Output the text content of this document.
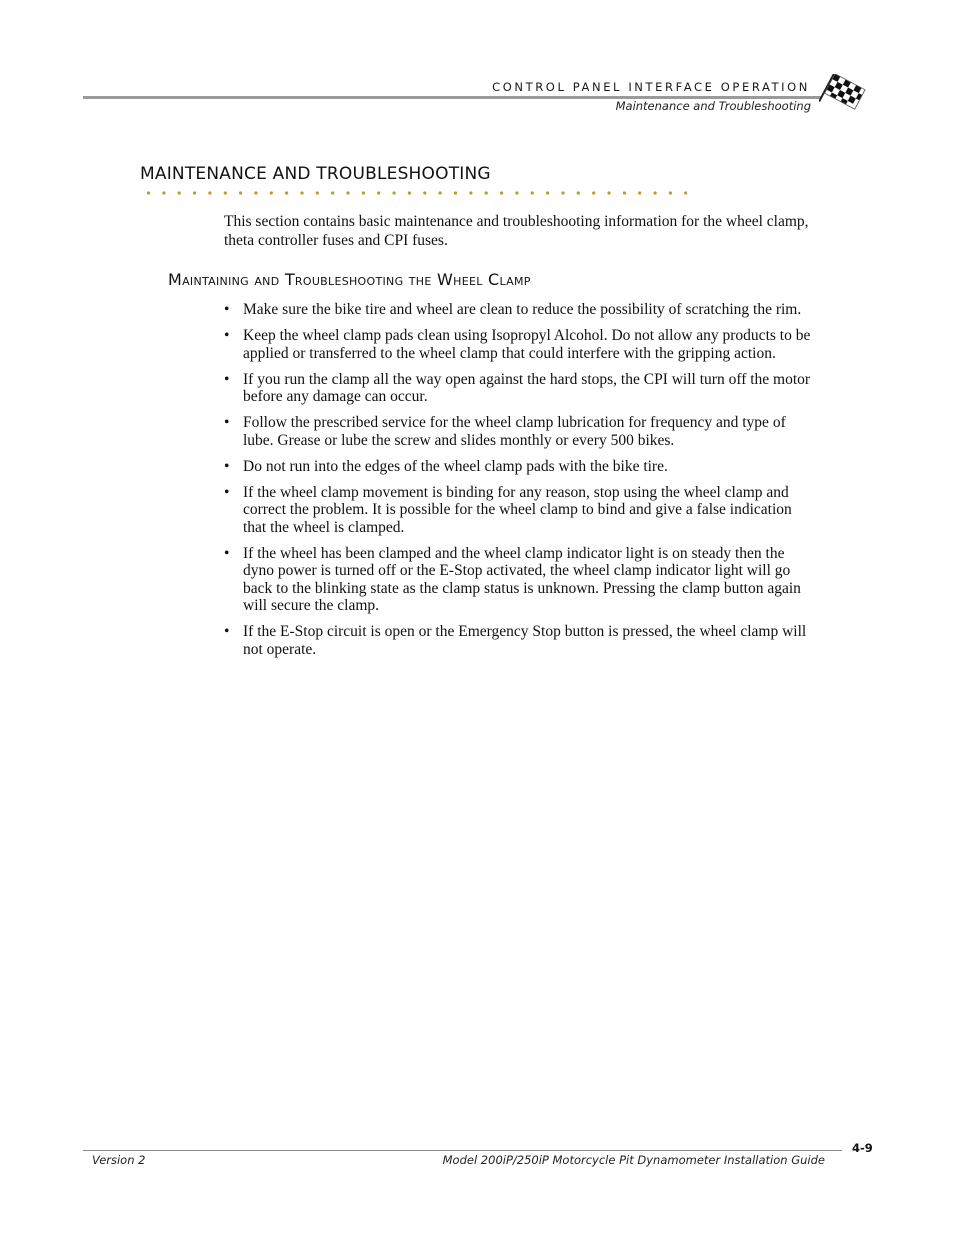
CONTROL PANEL INTERFACE OPERATION
Maintenance and Troubleshooting
MAINTENANCE AND TROUBLESHOOTING

This section contains basic maintenance and troubleshooting information for the wheel clamp, theta controller fuses and CPI fuses.

Maintaining and Troubleshooting the Wheel Clamp
• Make sure the bike tire and wheel are clean to reduce the possibility of scratching the rim.
• Keep the wheel clamp pads clean using Isopropyl Alcohol. Do not allow any products to be applied or transferred to the wheel clamp that could interfere with the gripping action.
• If you run the clamp all the way open against the hard stops, the CPI will turn off the motor before any damage can occur.
• Follow the prescribed service for the wheel clamp lubrication for frequency and type of lube. Grease or lube the screw and slides monthly or every 500 bikes.
• Do not run into the edges of the wheel clamp pads with the bike tire.
• If the wheel clamp movement is binding for any reason, stop using the wheel clamp and correct the problem. It is possible for the wheel clamp to bind and give a false indication that the wheel is clamped.
• If the wheel has been clamped and the wheel clamp indicator light is on steady then the dyno power is turned off or the E-Stop activated, the wheel clamp indicator light will go back to the blinking state as the clamp status is unknown. Pressing the clamp button again will secure the clamp.
• If the E-Stop circuit is open or the Emergency Stop button is pressed, the wheel clamp will not operate.
4-9
Version 2	Model 200iP/250iP Motorcycle Pit Dynamometer Installation Guide
